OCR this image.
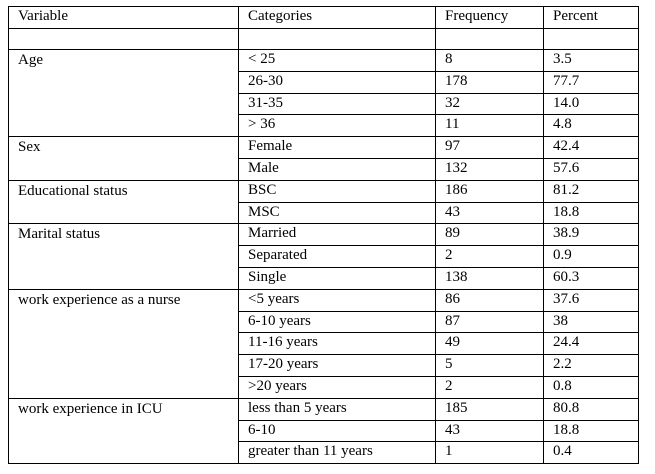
Variable	Categories	Frequency	Percent

Age	< 25	8	3.5
	26-30	178	77.7
	31-35	32	14.0
	> 36	11	4.8
Sex	Female	97	42.4
	Male	132	57.6
Educational status	BSC	186	81.2
	MSC	43	18.8
Marital status	Married	89	38.9
	Separated	2	0.9
	Single	138	60.3
work experience as a nurse	<5 years	86	37.6
	6-10 years	87	38
	11-16 years	49	24.4
	17-20 years	5	2.2
	>20 years	2	0.8
work experience in ICU	less than 5 years	185	80.8
	6-10	43	18.8
	greater than 11 years	1	0.4
